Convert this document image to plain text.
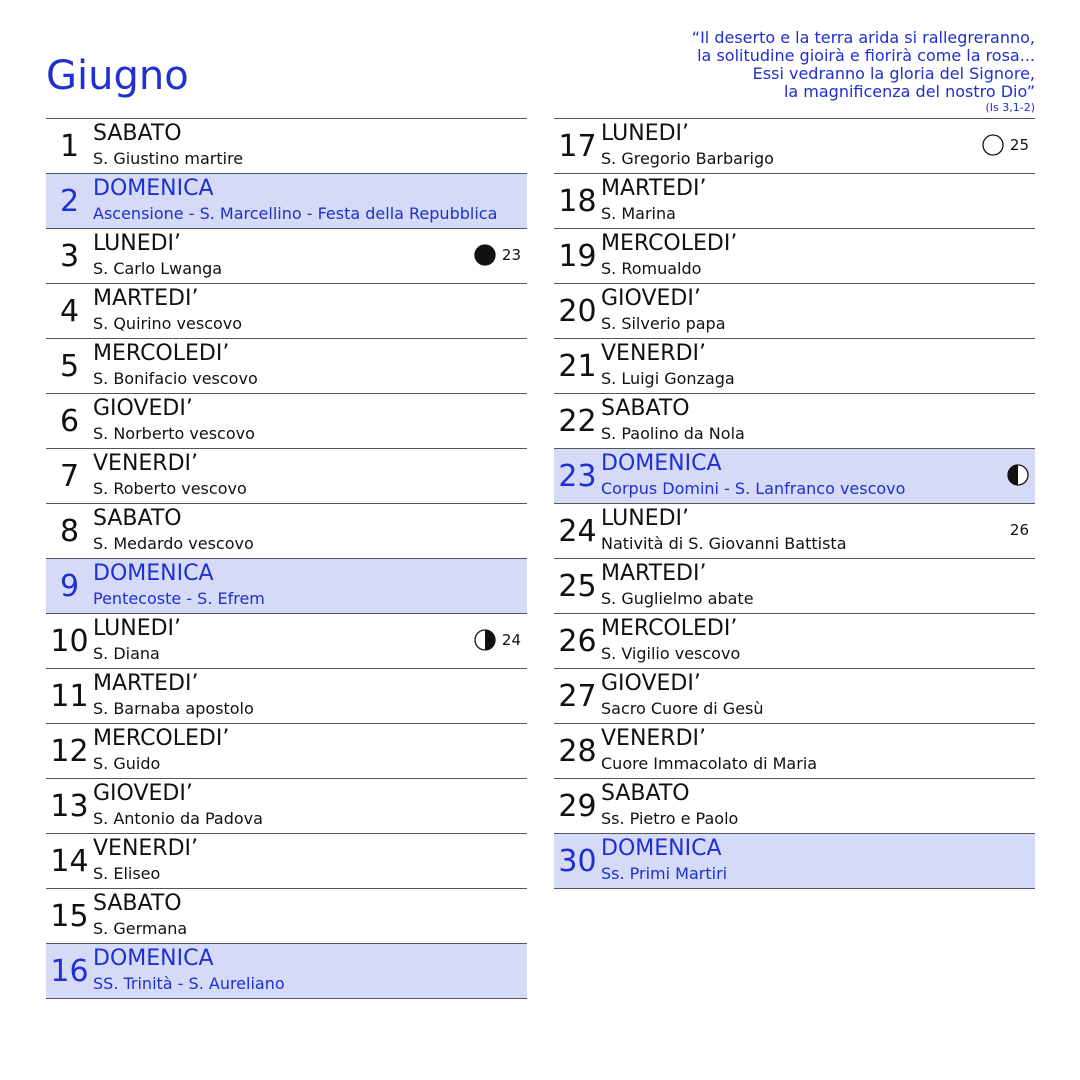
Giugno
“Il deserto e la terra arida si rallegreranno,
la solitudine gioirà e fiorirà come la rosa...
Essi vedranno la gloria del Signore,
la magnificenza del nostro Dio”
(Is 3,1-2)
1 SABATO
S. Giustino martire
2 DOMENICA
Ascensione - S. Marcellino - Festa della Repubblica
3 LUNEDI’
S. Carlo Lwanga
23
4 MARTEDI’
S. Quirino vescovo
5 MERCOLEDI’
S. Bonifacio vescovo
6 GIOVEDI’
S. Norberto vescovo
7 VENERDI’
S. Roberto vescovo
8 SABATO
S. Medardo vescovo
9 DOMENICA
Pentecoste - S. Efrem
10 LUNEDI’
S. Diana
24
11 MARTEDI’
S. Barnaba apostolo
12 MERCOLEDI’
S. Guido
13 GIOVEDI’
S. Antonio da Padova
14 VENERDI’
S. Eliseo
15 SABATO
S. Germana
16 DOMENICA
SS. Trinità - S. Aureliano
17 LUNEDI’
S. Gregorio Barbarigo
25
18 MARTEDI’
S. Marina
19 MERCOLEDI’
S. Romualdo
20 GIOVEDI’
S. Silverio papa
21 VENERDI’
S. Luigi Gonzaga
22 SABATO
S. Paolino da Nola
23 DOMENICA
Corpus Domini - S. Lanfranco vescovo
24 LUNEDI’
Natività di S. Giovanni Battista
26
25 MARTEDI’
S. Guglielmo abate
26 MERCOLEDI’
S. Vigilio vescovo
27 GIOVEDI’
Sacro Cuore di Gesù
28 VENERDI’
Cuore Immacolato di Maria
29 SABATO
Ss. Pietro e Paolo
30 DOMENICA
Ss. Primi Martiri
